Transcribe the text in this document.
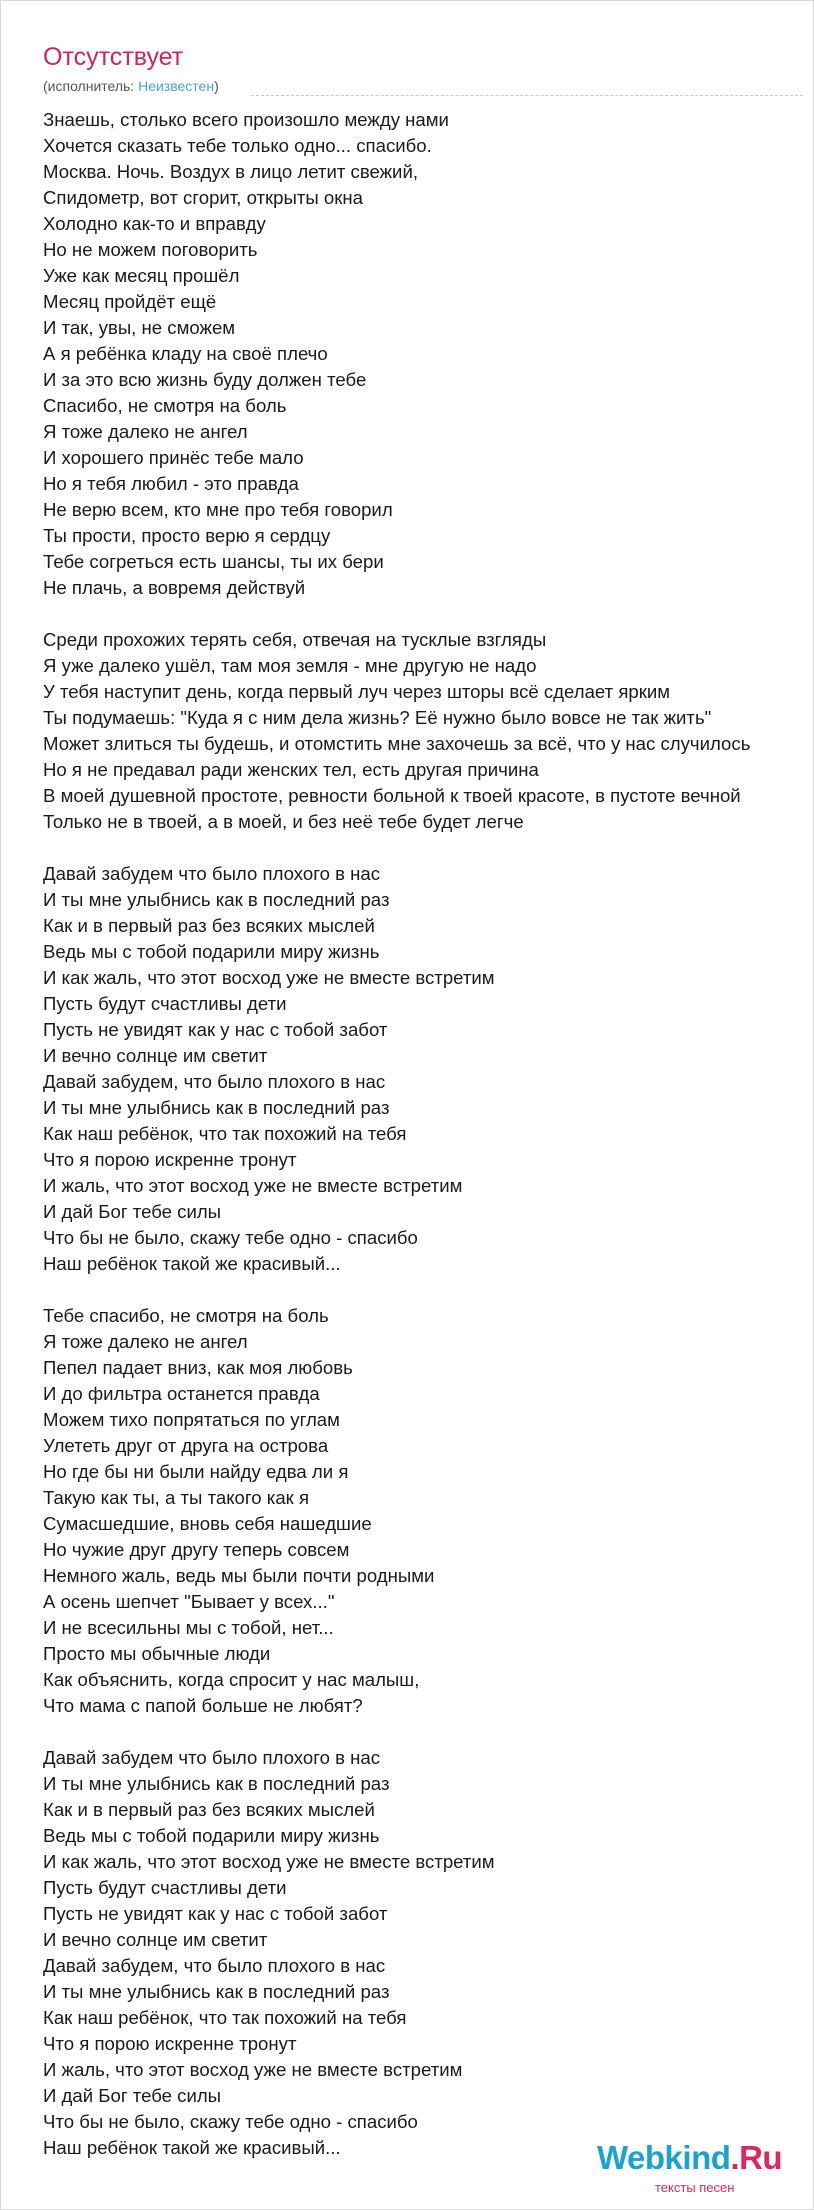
Отсутствует
(исполнитель: Неизвестен)
Знаешь, столько всего произошло между нами
Хочется сказать тебе только одно... спасибо.
Москва. Ночь. Воздух в лицо летит свежий,
Спидометр, вот сгорит, открыты окна
Холодно как-то и вправду
Но не можем поговорить
Уже как месяц прошёл
Месяц пройдёт ещё
И так, увы, не сможем
А я ребёнка кладу на своё плечо
И за это всю жизнь буду должен тебе
Спасибо, не смотря на боль
Я тоже далеко не ангел
И хорошего принёс тебе мало
Но я тебя любил - это правда
Не верю всем, кто мне про тебя говорил
Ты прости, просто верю я сердцу
Тебе согреться есть шансы, ты их бери
Не плачь, а вовремя действуй
Среди прохожих терять себя, отвечая на тусклые взгляды
Я уже далеко ушёл, там моя земля - мне другую не надо
У тебя наступит день, когда первый луч через шторы всё сделает ярким
Ты подумаешь: "Куда я с ним дела жизнь? Её нужно было вовсе не так жить"
Может злиться ты будешь, и отомстить мне захочешь за всё, что у нас случилось
Но я не предавал ради женских тел, есть другая причина
В моей душевной простоте, ревности больной к твоей красоте, в пустоте вечной
Только не в твоей, а в моей, и без неё тебе будет легче
Давай забудем что было плохого в нас
И ты мне улыбнись как в последний раз
Как и в первый раз без всяких мыслей
Ведь мы с тобой подарили миру жизнь
И как жаль, что этот восход уже не вместе встретим
Пусть будут счастливы дети
Пусть не увидят как у нас с тобой забот
И вечно солнце им светит
Давай забудем, что было плохого в нас
И ты мне улыбнись как в последний раз
Как наш ребёнок, что так похожий на тебя
Что я порою искренне тронут
И жаль, что этот восход уже не вместе встретим
И дай Бог тебе силы
Что бы не было, скажу тебе одно - спасибо
Наш ребёнок такой же красивый...
Тебе спасибо, не смотря на боль
Я тоже далеко не ангел
Пепел падает вниз, как моя любовь
И до фильтра останется правда
Можем тихо попрятаться по углам
Улететь друг от друга на острова
Но где бы ни были найду едва ли я
Такую как ты, а ты такого как я
Сумасшедшие, вновь себя нашедшие
Но чужие друг другу теперь совсем
Немного жаль, ведь мы были почти родными
А осень шепчет "Бывает у всех..."
И не всесильны мы с тобой, нет...
Просто мы обычные люди
Как объяснить, когда спросит у нас малыш,
Что мама с папой больше не любят?
Давай забудем что было плохого в нас
И ты мне улыбнись как в последний раз
Как и в первый раз без всяких мыслей
Ведь мы с тобой подарили миру жизнь
И как жаль, что этот восход уже не вместе встретим
Пусть будут счастливы дети
Пусть не увидят как у нас с тобой забот
И вечно солнце им светит
Давай забудем, что было плохого в нас
И ты мне улыбнись как в последний раз
Как наш ребёнок, что так похожий на тебя
Что я порою искренне тронут
И жаль, что этот восход уже не вместе встретим
И дай Бог тебе силы
Что бы не было, скажу тебе одно - спасибо
Наш ребёнок такой же красивый...	Webkind.Ru
тексты песен
